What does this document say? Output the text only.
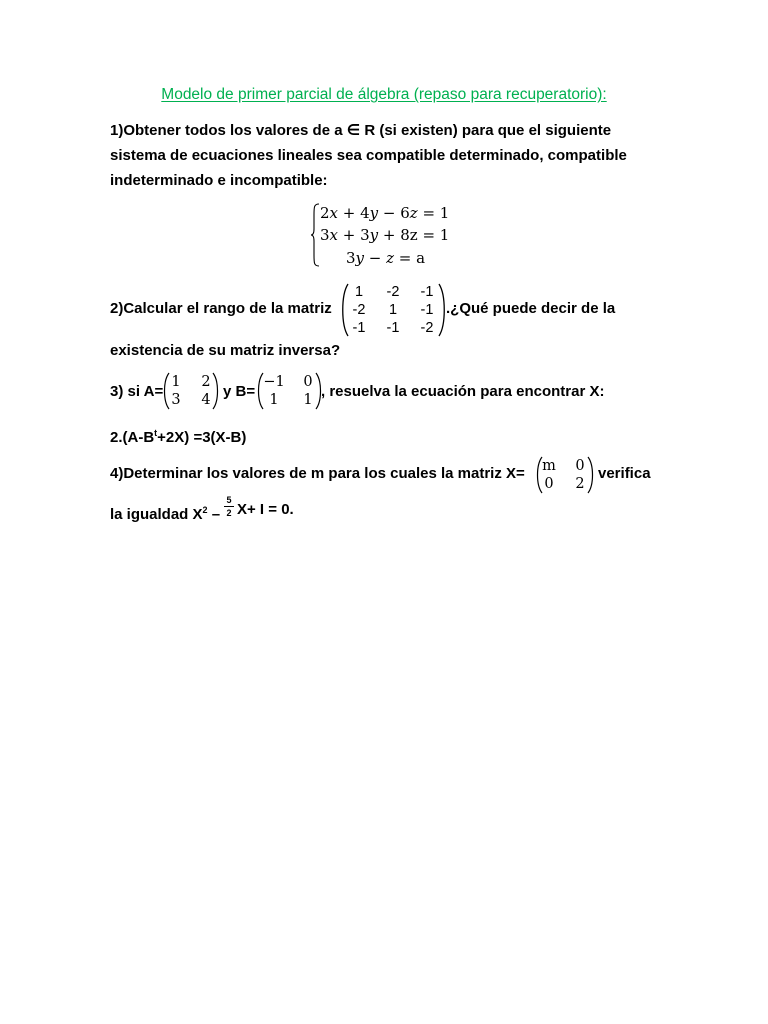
Modelo de primer parcial de álgebra (repaso para recuperatorio):
1)Obtener todos los valores de a ∈ R (si existen) para que el siguiente
sistema de ecuaciones lineales sea compatible determinado, compatible
indeterminado e incompatible:
2𝑥 + 4𝑦 − 6𝑧 = 1
3𝑥 + 3𝑦 + 8z = 1
3𝑦 − 𝑧 = a
2)Calcular el rango de la matriz
1	-2 -1
-2	1	-1
-1 -1 -2
.¿Qué puede decir de la
existencia de su matriz inversa?
3) si A=
1	2
3	4 y B=
−1	0
1	1 , resuelva la ecuación para encontrar X:
$2.(A-B^t+2X) =3(X-B)$
4)Determinar los valores de m para los cuales la matriz X= m	0
0	2
verifica
la igualdad $X^2$ –
5
2 X+ I = 0.
